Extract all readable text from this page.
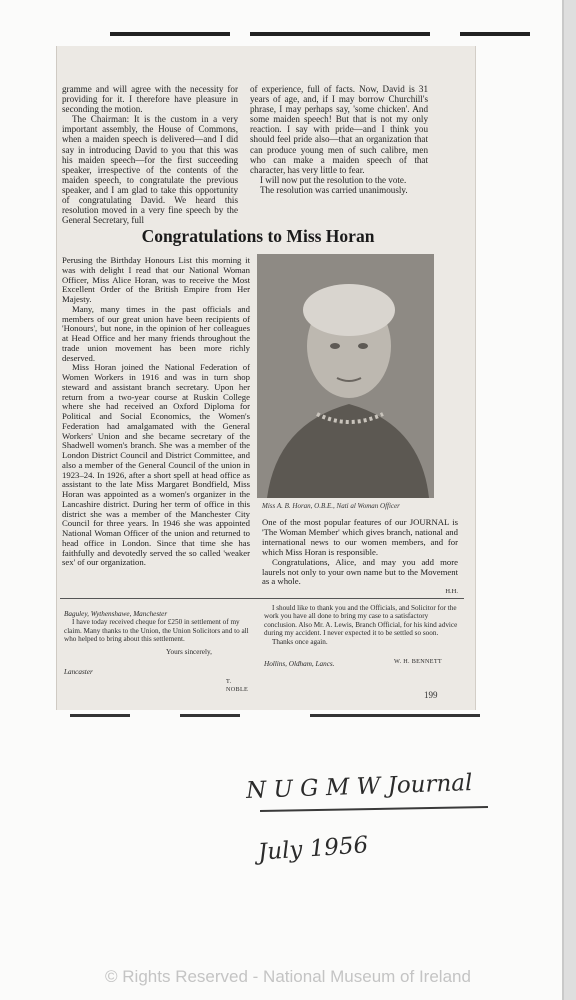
gramme and will agree with the necessity for providing for it. I therefore have pleasure in seconding the motion.

The Chairman: It is the custom in a very important assembly, the House of Commons, when a maiden speech is delivered—and I did say in introducing David to you that this was his maiden speech—for the first succeeding speaker, irrespective of the contents of the maiden speech, to congratulate the previous speaker, and I am glad to take this opportunity of congratulating David. We heard this resolution moved in a very fine speech by the General Secretary, full

of experience, full of facts. Now, David is 31 years of age, and, if I may borrow Churchill's phrase, I may perhaps say, 'some chicken'. And some maiden speech! But that is not my only reaction. I say with pride—and I think you should feel pride also—that an organization that can produce young men of such calibre, men who can make a maiden speech of that character, has very little to fear.

I will now put the resolution to the vote.

The resolution was carried unanimously.

Congratulations to Miss Horan

Perusing the Birthday Honours List this morning it was with delight I read that our National Woman Officer, Miss Alice Horan, was to receive the Most Excellent Order of the British Empire from Her Majesty.

Many, many times in the past officials and members of our great union have been recipients of 'Honours', but none, in the opinion of her colleagues at Head Office and her many friends throughout the trade union movement has been more richly deserved.

Miss Horan joined the National Federation of Women Workers in 1916 and was in turn shop steward and assistant branch secretary. Upon her return from a two-year course at Ruskin College where she had received an Oxford Diploma for Political and Social Economics, the Women's Federation had amalgamated with the General Workers' Union and she became secretary of the Shadwell women's branch. She was a member of the London District Council and District Committee, and also a member of the General Council of the union in 1923–24. In 1926, after a short spell at head office as assistant to the late Miss Margaret Bondfield, Miss Horan was appointed as a women's organizer in the Lancashire district. During her term of office in this district she was a member of the Manchester City Council for three years. In 1946 she was appointed National Woman Officer of the union and returned to head office in London. Since that time she has faithfully and devotedly served the so called 'weaker sex' of our organization.

Miss A. B. Horan, O.B.E., Nati al Woman Officer

One of the most popular features of our JOURNAL is 'The Woman Member' which gives branch, national and international news to our women members, and for which Miss Horan is responsible.

Congratulations, Alice, and may you add more laurels not only to your own name but to the Movement as a whole.

H.H.
Baguley, Wythenshawe, Manchester
I have today received cheque for £250 in settlement of my claim. Many thanks to the Union, the Union Solicitors and to all who helped to bring about this settlement.
Yours sincerely,
T. NOBLE
Lancaster
I should like to thank you and the Officials, and Solicitor for the work you have all done to bring my case to a satisfactory conclusion. Also Mr. A. Lewis, Branch Official, for his kind advice during my accident. I never expected it to be settled so soon.
Thanks once again.
W. H. BENNETT
Hollins, Oldham, Lancs.
199
N U G M W Journal
July 1956
© Rights Reserved - National Museum of Ireland
